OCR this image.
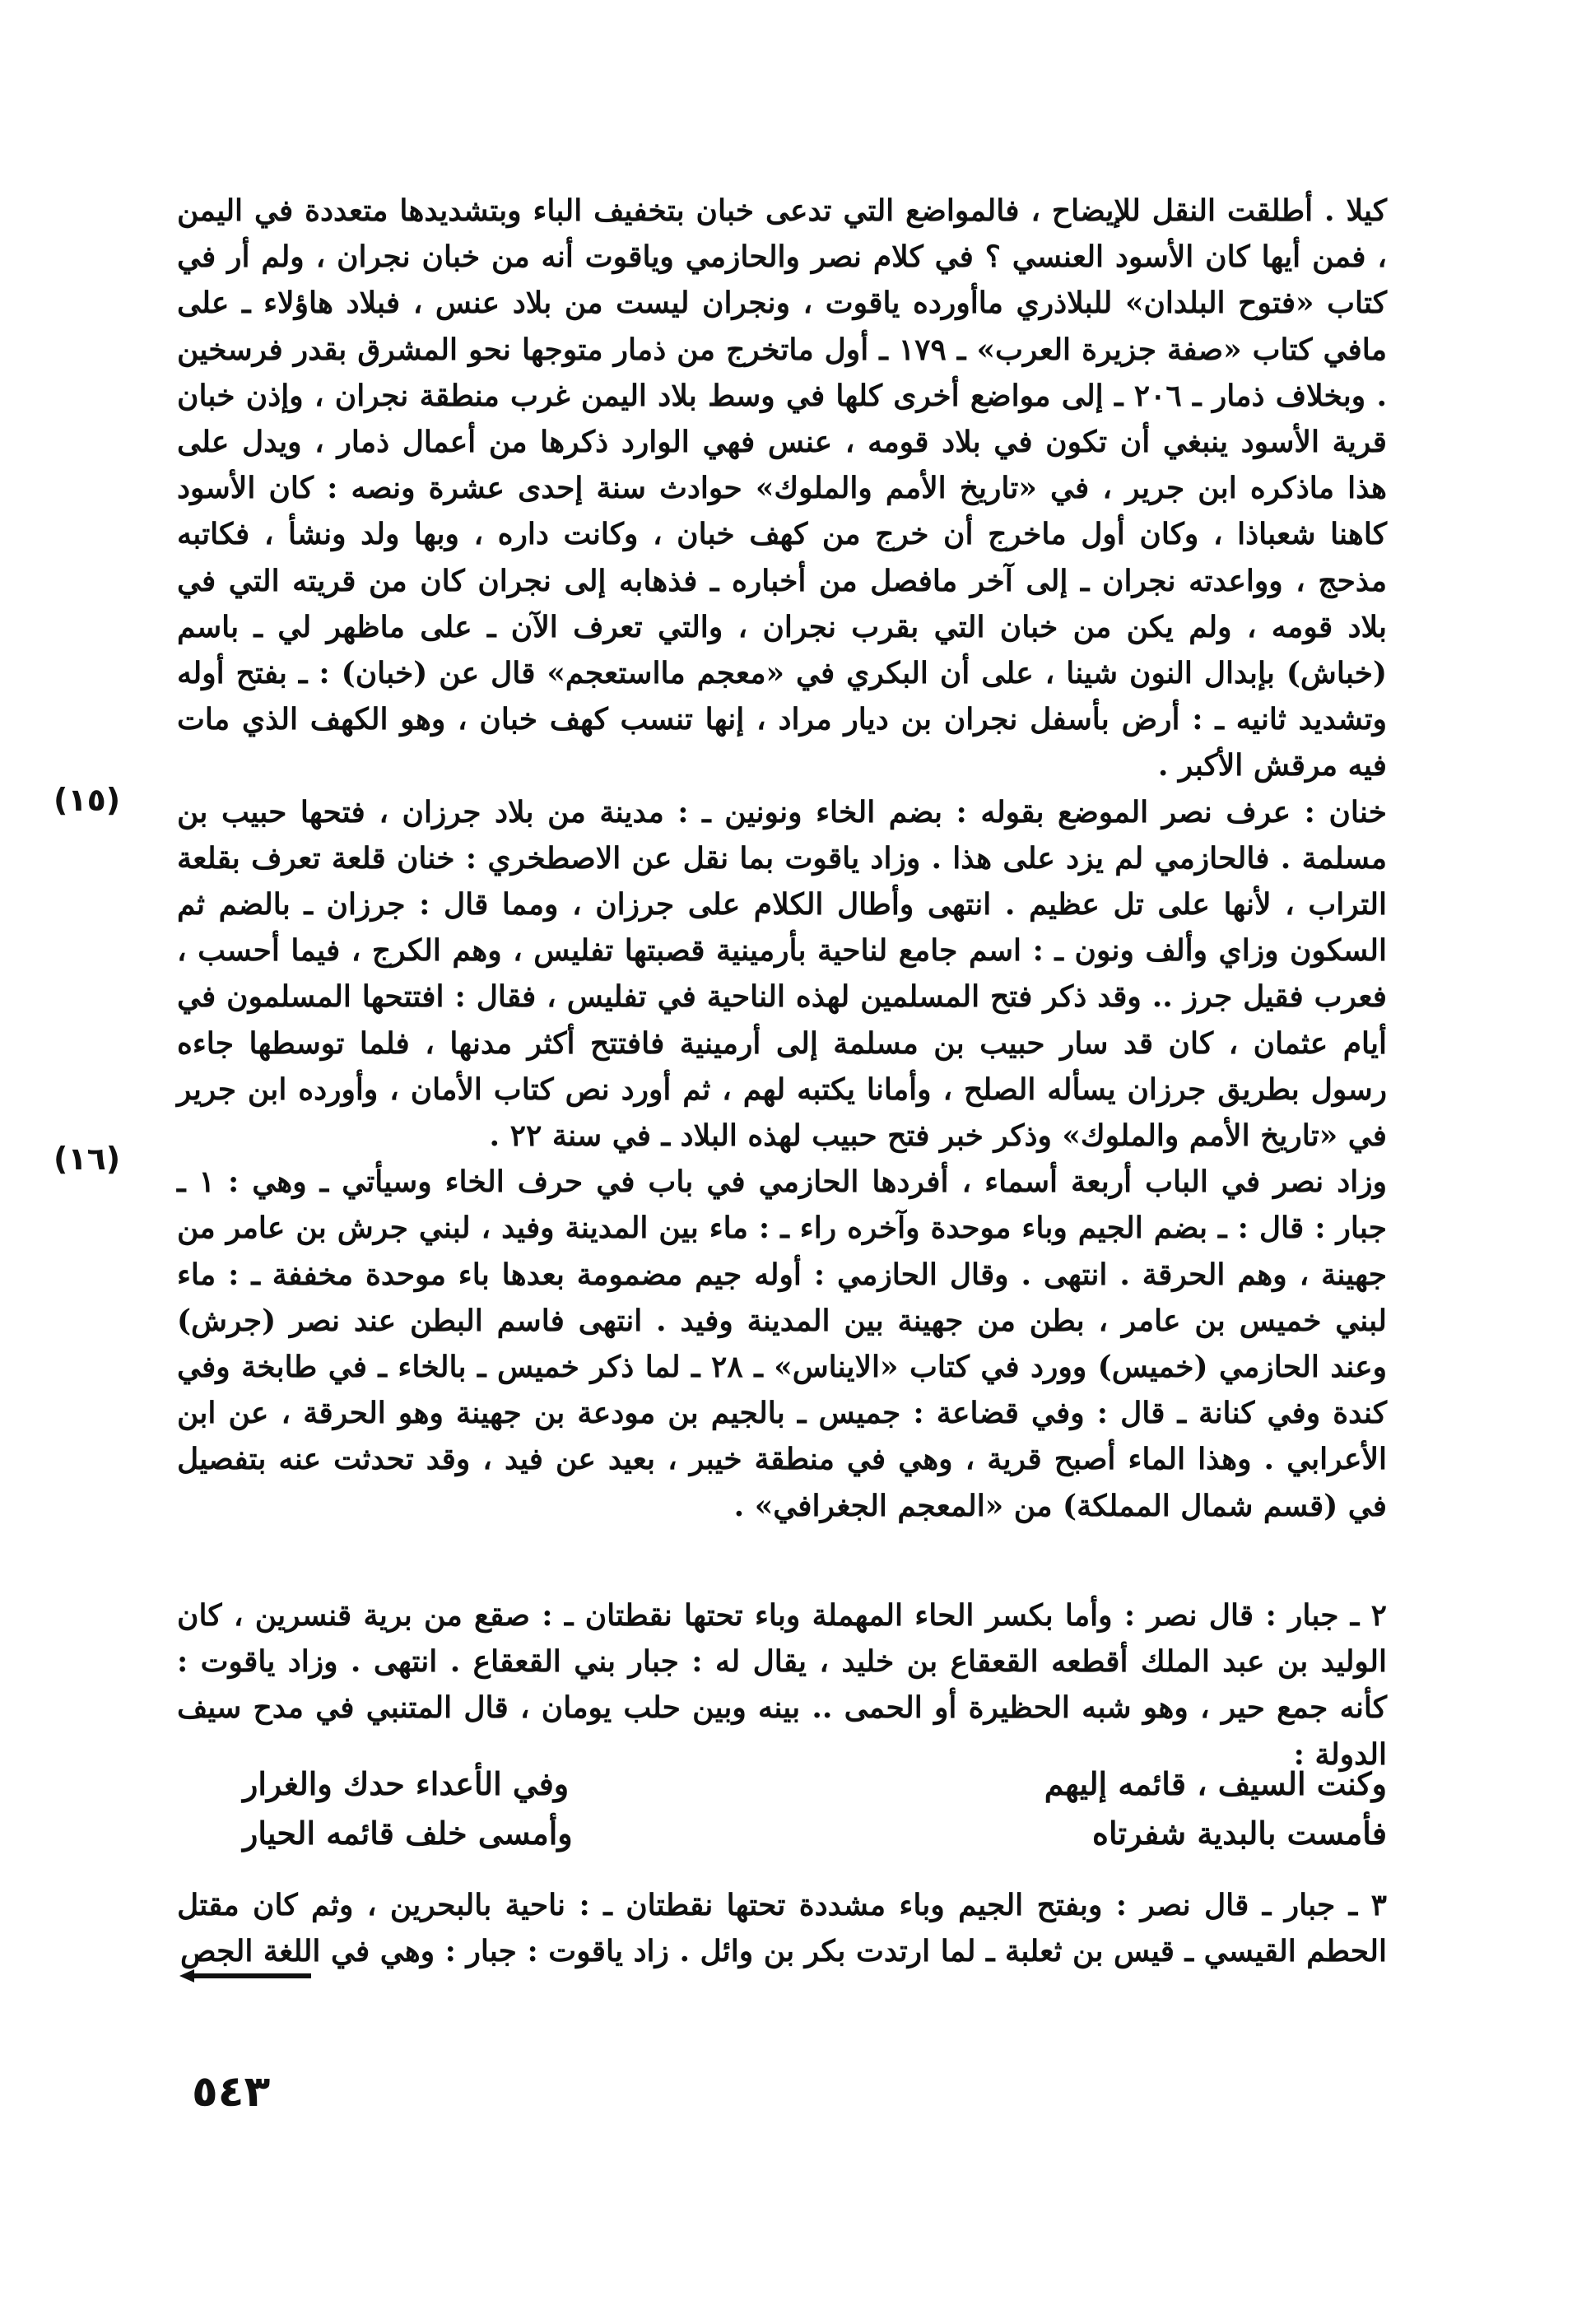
كيلا . أطلقت النقل للإيضاح ، فالمواضع التي تدعى خبان بتخفيف الباء وبتشديدها متعددة في اليمن ، فمن أيها كان الأسود العنسي ؟ في كلام نصر والحازمي وياقوت أنه من خبان نجران ، ولم أر في كتاب «فتوح البلدان» للبلاذري ماأورده ياقوت ، ونجران ليست من بلاد عنس ، فبلاد هاؤلاء ـ على مافي كتاب «صفة جزيرة العرب» ـ ١٧٩ ـ أول ماتخرج من ذمار متوجها نحو المشرق بقدر فرسخين . وبخلاف ذمار ـ ٢٠٦ ـ إلى مواضع أخرى كلها في وسط بلاد اليمن غرب منطقة نجران ، وإذن خبان قرية الأسود ينبغي أن تكون في بلاد قومه ، عنس فهي الوارد ذكرها من أعمال ذمار ، ويدل على هذا ماذكره ابن جرير ، في «تاريخ الأمم والملوك» حوادث سنة إحدى عشرة ونصه : كان الأسود كاهنا شعباذا ، وكان أول ماخرج أن خرج من كهف خبان ، وكانت داره ، وبها ولد ونشأ ، فكاتبه مذحج ، وواعدته نجران ـ إلى آخر مافصل من أخباره ـ فذهابه إلى نجران كان من قريته التي في بلاد قومه ، ولم يكن من خبان التي بقرب نجران ، والتي تعرف الآن ـ على ماظهر لي ـ باسم (خباش) بإبدال النون شينا ، على أن البكري في «معجم مااستعجم» قال عن (خبان) : ـ بفتح أوله وتشديد ثانيه ـ : أرض بأسفل نجران بن ديار مراد ، إنها تنسب كهف خبان ، وهو الكهف الذي مات فيه مرقش الأكبر .

خنان : عرف نصر الموضع بقوله : بضم الخاء ونونين ـ : مدينة من بلاد جرزان ، فتحها حبيب بن مسلمة . فالحازمي لم يزد على هذا . وزاد ياقوت بما نقل عن الاصطخري : خنان قلعة تعرف بقلعة التراب ، لأنها على تل عظيم . انتهى وأطال الكلام على جرزان ، ومما قال : جرزان ـ بالضم ثم السكون وزاي وألف ونون ـ : اسم جامع لناحية بأرمينية قصبتها تفليس ، وهم الكرج ، فيما أحسب ، فعرب فقيل جرز .. وقد ذكر فتح المسلمين لهذه الناحية في تفليس ، فقال : افتتحها المسلمون في أيام عثمان ، كان قد سار حبيب بن مسلمة إلى أرمينية فافتتح أكثر مدنها ، فلما توسطها جاءه رسول بطريق جرزان يسأله الصلح ، وأمانا يكتبه لهم ، ثم أورد نص كتاب الأمان ، وأورده ابن جرير في «تاريخ الأمم والملوك» وذكر خبر فتح حبيب لهذه البلاد ـ في سنة ٢٢ .

وزاد نصر في الباب أربعة أسماء ، أفردها الحازمي في باب في حرف الخاء وسيأتي ـ وهي : ١ ـ جبار : قال : ـ بضم الجيم وباء موحدة وآخره راء ـ : ماء بين المدينة وفيد ، لبني جرش بن عامر من جهينة ، وهم الحرقة . انتهى . وقال الحازمي : أوله جيم مضمومة بعدها باء موحدة مخففة ـ : ماء لبني خميس بن عامر ، بطن من جهينة بين المدينة وفيد . انتهى فاسم البطن عند نصر (جرش) وعند الحازمي (خميس) وورد في كتاب «الايناس» ـ ٢٨ ـ لما ذكر خميس ـ بالخاء ـ في طابخة وفي كندة وفي كنانة ـ قال : وفي قضاعة : جميس ـ بالجيم بن مودعة بن جهينة وهو الحرقة ، عن ابن الأعرابي . وهذا الماء أصبح قرية ، وهي في منطقة خيبر ، بعيد عن فيد ، وقد تحدثت عنه بتفصيل في (قسم شمال المملكة) من «المعجم الجغرافي» .

(١٥)
(١٦)

٢ ـ جبار : قال نصر : وأما بكسر الحاء المهملة وباء تحتها نقطتان ـ : صقع من برية قنسرين ، كان الوليد بن عبد الملك أقطعه القعقاع بن خليد ، يقال له : جبار بني القعقاع . انتهى . وزاد ياقوت : كأنه جمع حير ، وهو شبه الحظيرة أو الحمى .. بينه وبين حلب يومان ، قال المتنبي في مدح سيف الدولة :

وكنت السيف ، قائمه إليهم
وفي الأعداء حدك والغرار
فأمست بالبدية شفرتاه
وأمسى خلف قائمه الحيار

٣ ـ جبار ـ قال نصر : وبفتح الجيم وباء مشددة تحتها نقطتان ـ : ناحية بالبحرين ، وثم كان مقتل الحطم القيسي ـ قيس بن ثعلبة ـ لما ارتدت بكر بن وائل . زاد ياقوت : جبار : وهي في اللغة الجص

٥٤٣
